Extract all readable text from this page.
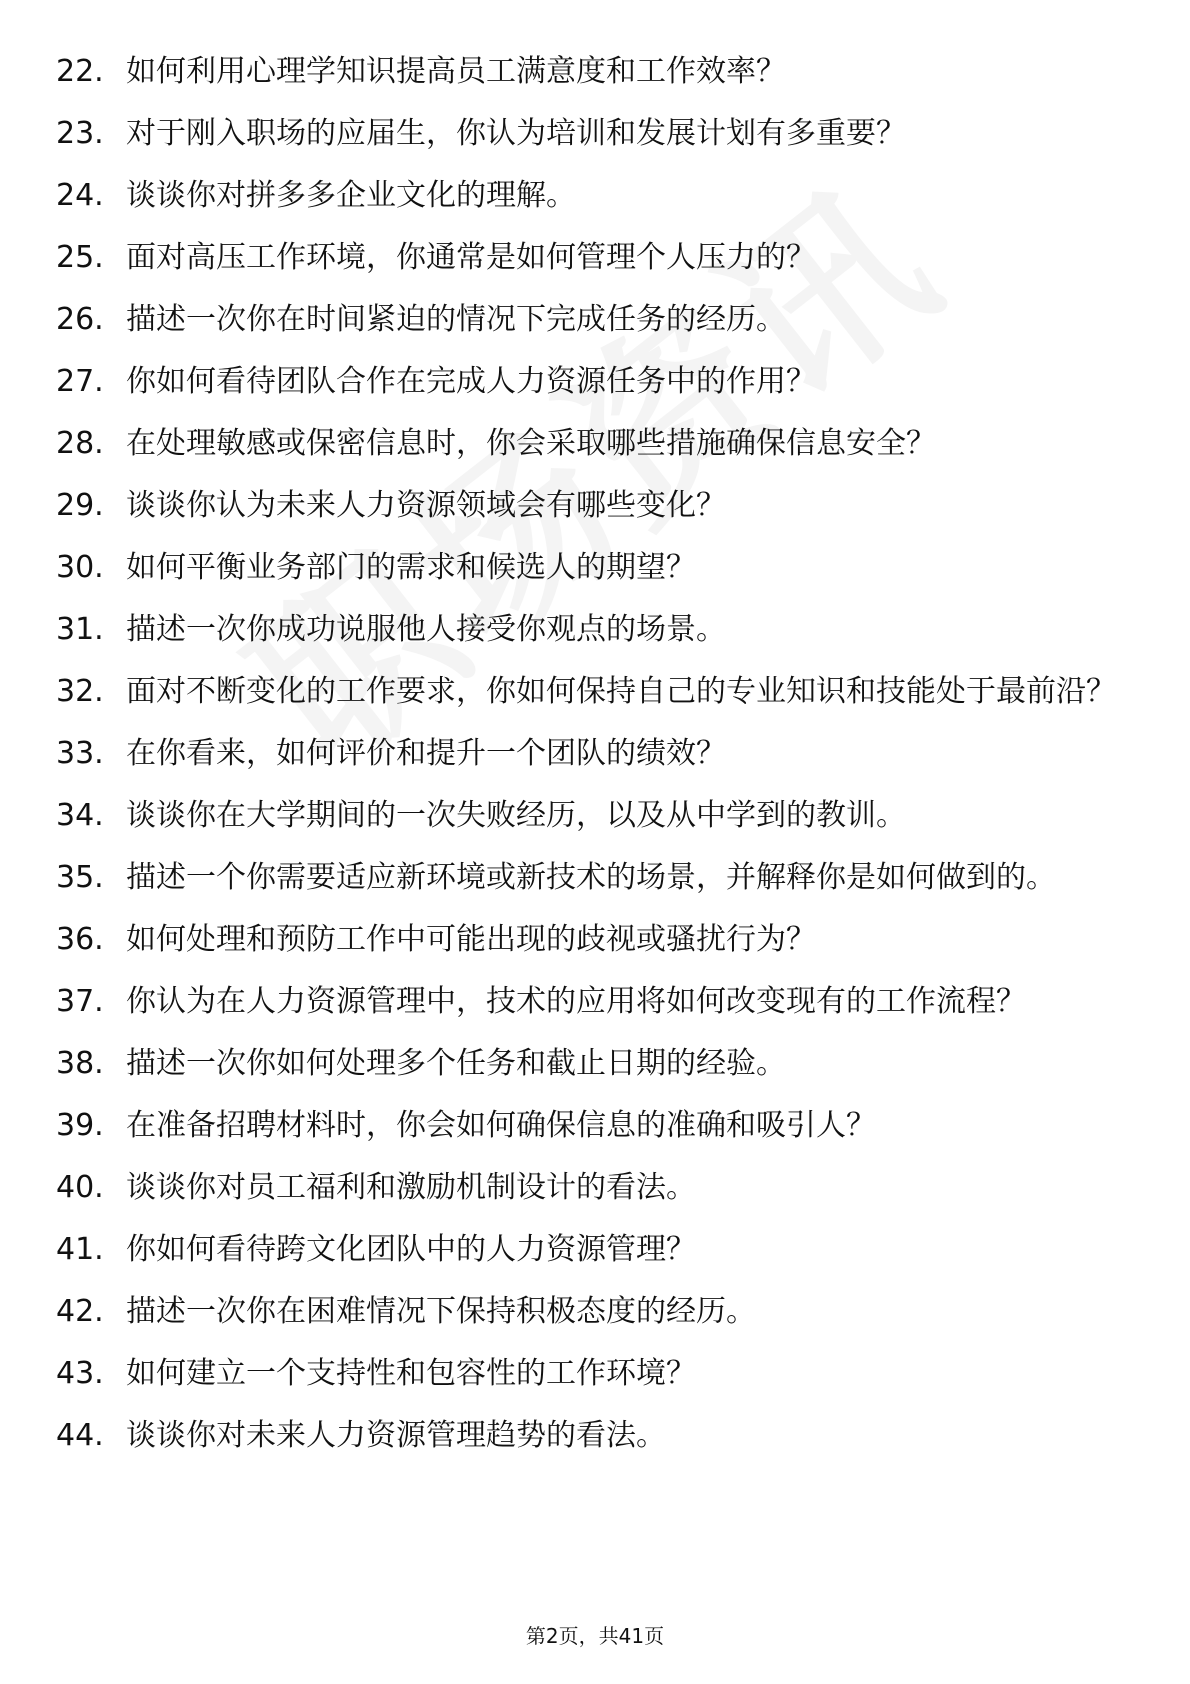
22. 如何利用心理学知识提高员工满意度和工作效率？
23. 对于刚入职场的应届生，你认为培训和发展计划有多重要？
24. 谈谈你对拼多多企业文化的理解。
25. 面对高压工作环境，你通常是如何管理个人压力的？
26. 描述一次你在时间紧迫的情况下完成任务的经历。
27. 你如何看待团队合作在完成人力资源任务中的作用？
28. 在处理敏感或保密信息时，你会采取哪些措施确保信息安全？
29. 谈谈你认为未来人力资源领域会有哪些变化？
30. 如何平衡业务部门的需求和候选人的期望？
31. 描述一次你成功说服他人接受你观点的场景。
32. 面对不断变化的工作要求，你如何保持自己的专业知识和技能处于最前沿？
33. 在你看来，如何评价和提升一个团队的绩效？
34. 谈谈你在大学期间的一次失败经历，以及从中学到的教训。
35. 描述一个你需要适应新环境或新技术的场景，并解释你是如何做到的。
36. 如何处理和预防工作中可能出现的歧视或骚扰行为？
37. 你认为在人力资源管理中，技术的应用将如何改变现有的工作流程？
38. 描述一次你如何处理多个任务和截止日期的经验。
39. 在准备招聘材料时，你会如何确保信息的准确和吸引人？
40. 谈谈你对员工福利和激励机制设计的看法。
41. 你如何看待跨文化团队中的人力资源管理？
42. 描述一次你在困难情况下保持积极态度的经历。
43. 如何建立一个支持性和包容性的工作环境？
44. 谈谈你对未来人力资源管理趋势的看法。
第2页，共41页
